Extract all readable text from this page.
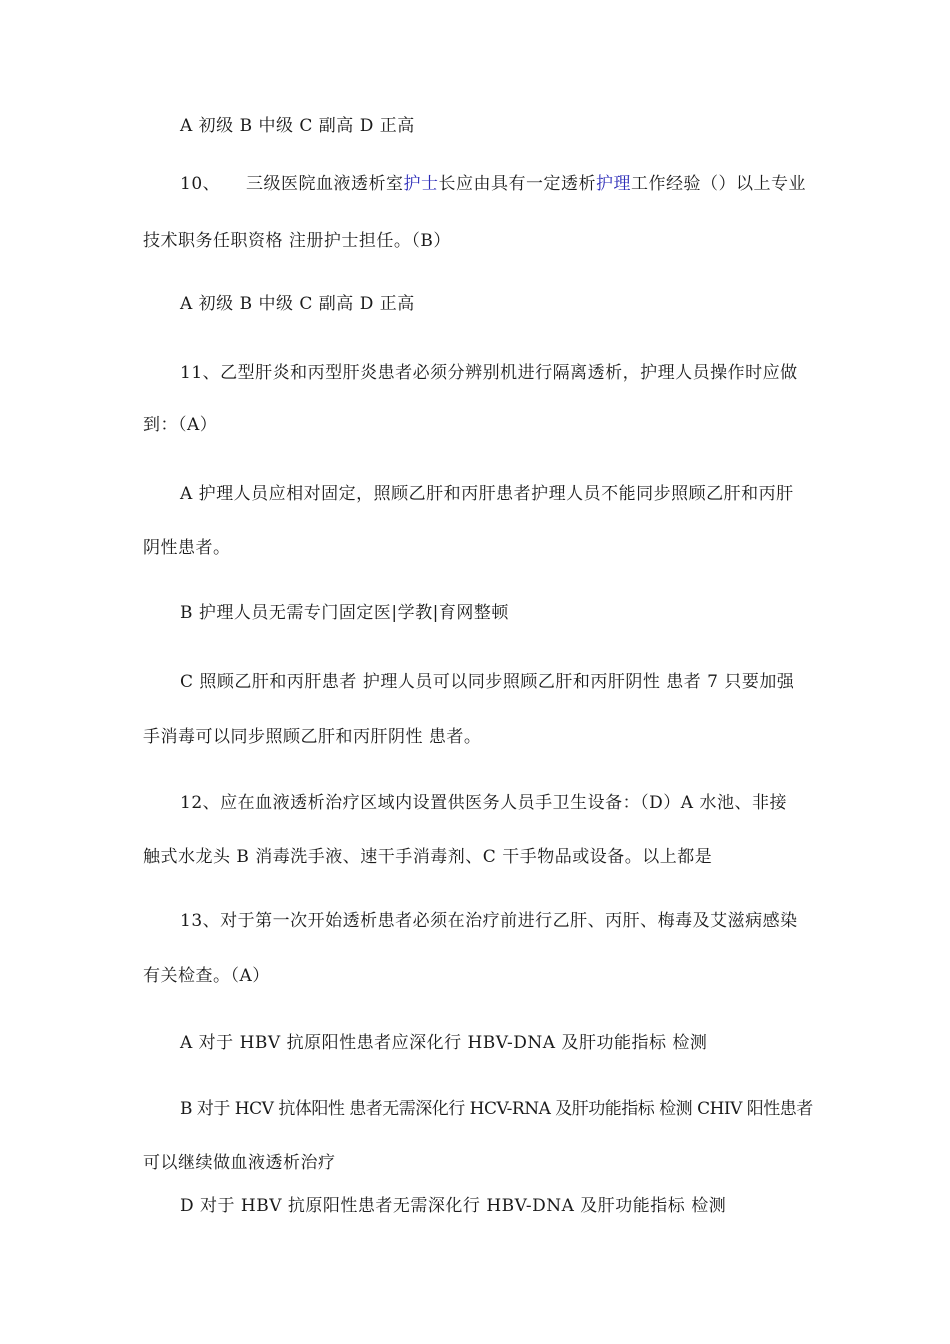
A 初级 B 中级 C 副高 D 正高
10、 三级医院血液透析室护士长应由具有一定透析护理工作经验（）以上专业
技术职务任职资格 注册护士担任。（B）
A 初级 B 中级 C 副高 D 正高
11、乙型肝炎和丙型肝炎患者必须分辨别机进行隔离透析，护理人员操作时应做
到：（A）
A 护理人员应相对固定，照顾乙肝和丙肝患者护理人员不能同步照顾乙肝和丙肝
阴性患者。
B 护理人员无需专门固定医|学教|育网整顿
C 照顾乙肝和丙肝患者 护理人员可以同步照顾乙肝和丙肝阴性 患者 7 只要加强
手消毒可以同步照顾乙肝和丙肝阴性 患者。
12、应在血液透析治疗区域内设置供医务人员手卫生设备：（D）A 水池、非接
触式水龙头 B 消毒洗手液、速干手消毒剂、C 干手物品或设备。以上都是
13、对于第一次开始透析患者必须在治疗前进行乙肝、丙肝、梅毒及艾滋病感染
有关检查。（A）
A 对于 HBV 抗原阳性患者应深化行 HBV-DNA 及肝功能指标 检测
B 对于 HCV 抗体阳性 患者无需深化行 HCV-RNA 及肝功能指标 检测 CHIV 阳性患者
可以继续做血液透析治疗
D 对于 HBV 抗原阳性患者无需深化行 HBV-DNA 及肝功能指标 检测
